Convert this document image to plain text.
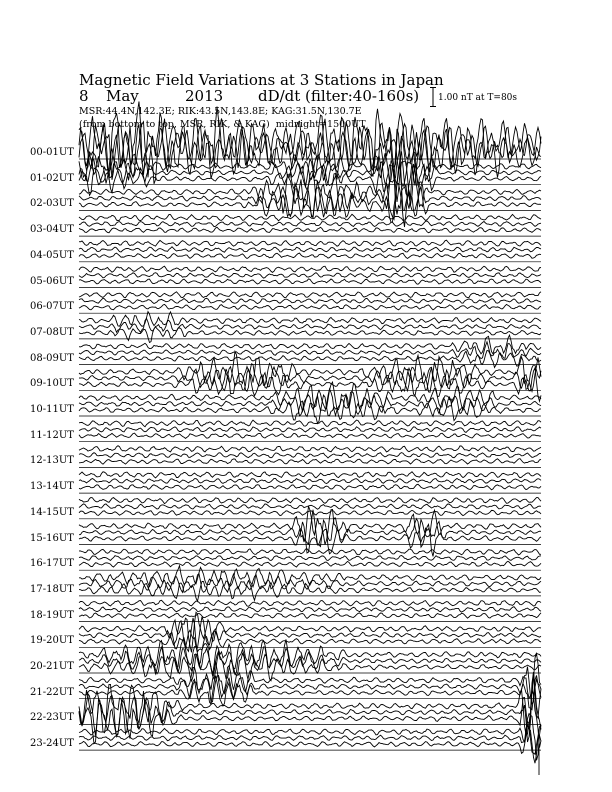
Magnetic Field Variations at 3 Stations in Japan
8 May	2013 dD/dt (filter:40-160s)
MSR:44.4N,142.3E; RIK:43.5N,143.8E; KAG:31.5N,130.7E
(from bottom to top, MSR, RIK, & KAG) midnight=1500UT
1.00 nT at T=80s
00-01UT
01-02UT
02-03UT
03-04UT
04-05UT
05-06UT
06-07UT
07-08UT
08-09UT
09-10UT
10-11UT
11-12UT
12-13UT
13-14UT
14-15UT
15-16UT
16-17UT
17-18UT
18-19UT
19-20UT
20-21UT
21-22UT
22-23UT
23-24UT
